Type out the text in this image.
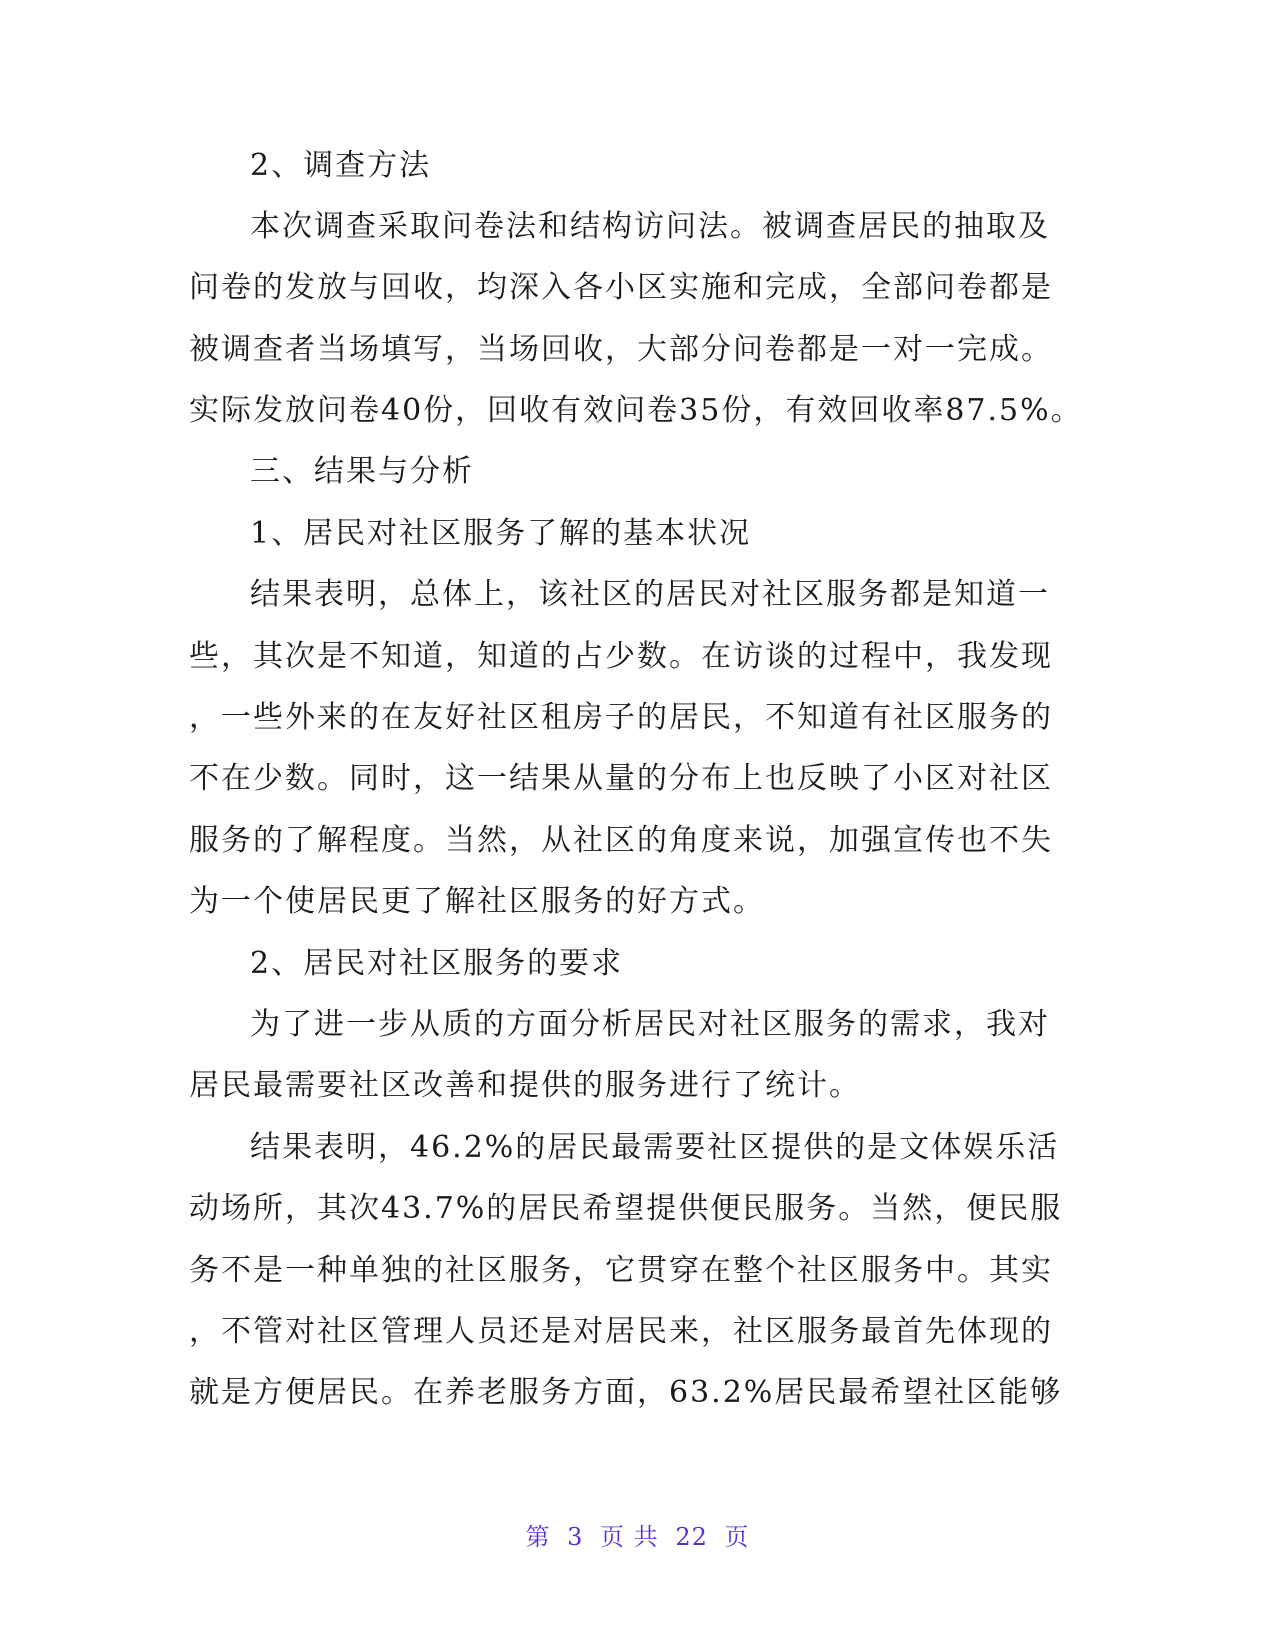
2、调查方法
本次调查采取问卷法和结构访问法。被调查居民的抽取及
问卷的发放与回收，均深入各小区实施和完成，全部问卷都是
被调查者当场填写，当场回收，大部分问卷都是一对一完成。
实际发放问卷40份，回收有效问卷35份，有效回收率87.5%。
三、结果与分析
1、居民对社区服务了解的基本状况
结果表明，总体上，该社区的居民对社区服务都是知道一
些，其次是不知道，知道的占少数。在访谈的过程中，我发现
，一些外来的在友好社区租房子的居民，不知道有社区服务的
不在少数。同时，这一结果从量的分布上也反映了小区对社区
服务的了解程度。当然，从社区的角度来说，加强宣传也不失
为一个使居民更了解社区服务的好方式。
2、居民对社区服务的要求
为了进一步从质的方面分析居民对社区服务的需求，我对
居民最需要社区改善和提供的服务进行了统计。
结果表明，46.2%的居民最需要社区提供的是文体娱乐活
动场所，其次43.7%的居民希望提供便民服务。当然，便民服
务不是一种单独的社区服务，它贯穿在整个社区服务中。其实
，不管对社区管理人员还是对居民来，社区服务最首先体现的
就是方便居民。在养老服务方面，63.2%居民最希望社区能够
第 3 页 共 22 页
